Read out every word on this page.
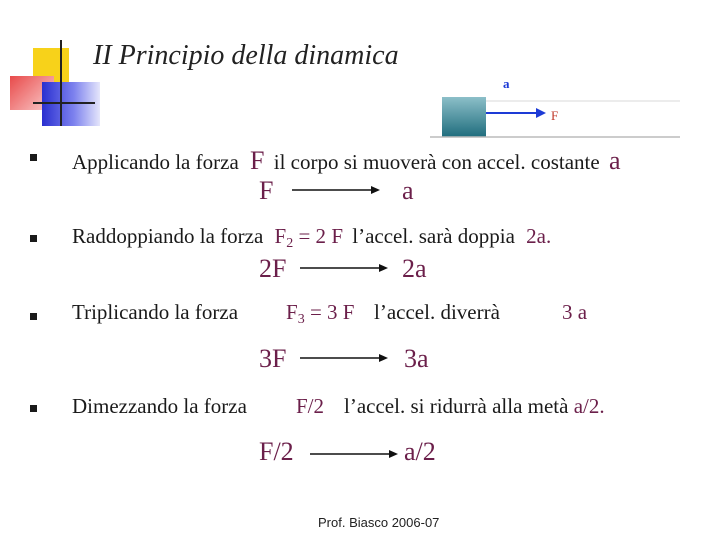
II Principio della dinamica
a
F
Applicando la forza F il corpo si muoverà con accel. costante a
F	a
Raddoppiando la forza $F_2 = 2$ F l’accel. sarà doppia 2a.
2F	2a
Triplicando la forza $F_3 = 3$ F l’accel. diverrà	3 a
3F	3a
Dimezzando la forza F/2 l’accel. si ridurrà alla metà a/2.
F/2	a/2
Prof. Biasco 2006-07
